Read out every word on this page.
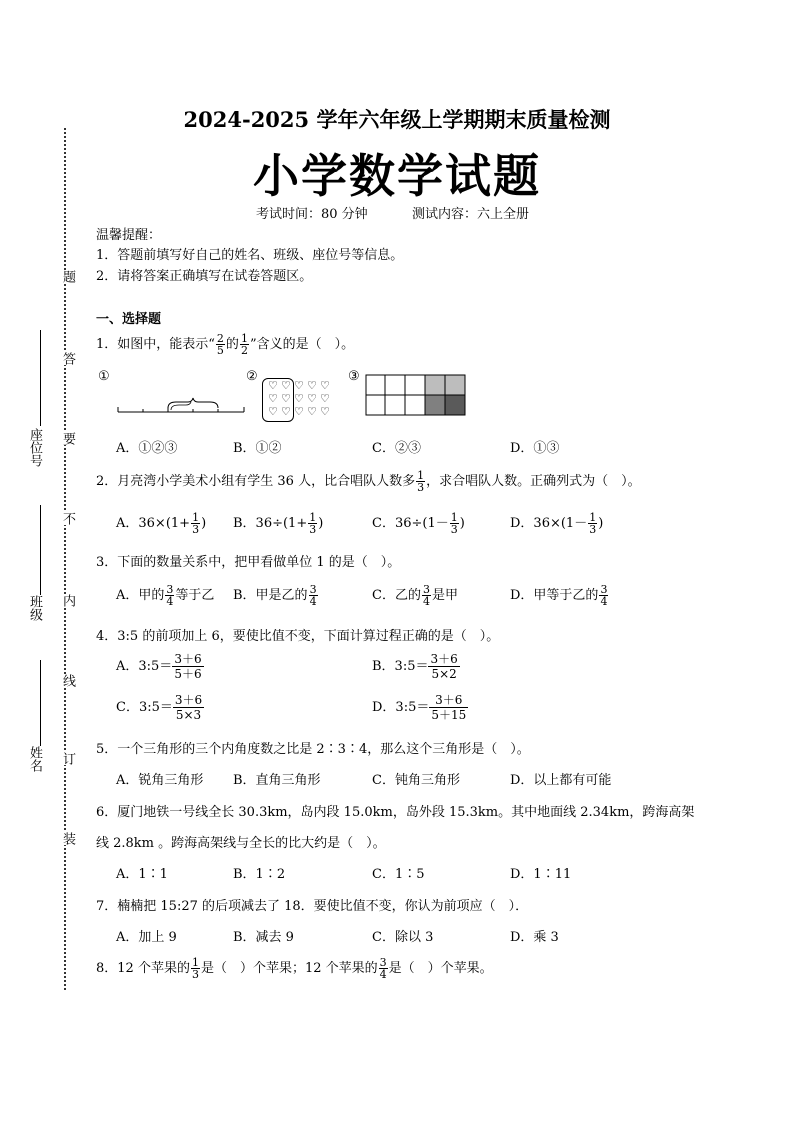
题
答
要
不
内
线
订
装
座位号
班级
姓名
2024-2025 学年六年级上学期期末质量检测
小学数学试题
考试时间：80 分钟	测试内容：六上全册
温馨提醒：
1．答题前填写好自己的姓名、班级、座位号等信息。
2．请将答案正确填写在试卷答题区。
一、选择题
1．如图中，能表示“ $\frac{2}{5}$ 的 $\frac{1}{2}$ ”含义的是（　）。
①	②
♡ ♡ ♡ ♡ ♡
♡ ♡ ♡ ♡ ♡
♡ ♡ ♡ ♡ ♡
③
A．①②③	B．①②	C．②③	D．①③
2．月亮湾小学美术小组有学生 36 人，比合唱队人数多 $\frac{1}{3}$ ，求合唱队人数。正确列式为（　）。
A．$36\times(1+ \frac{1}{3}$ ) B．$36\div(1+ \frac{1}{3}$ )	C．$36\div(1- \frac{1}{3}$ )	D．$36\times(1- \frac{1}{3}$ )
3．下面的数量关系中，把甲看做单位 1 的是（　）。
A．甲的 $\frac{3}{4}$ 等于乙 B．甲是乙的 $\frac{3}{4}$	C．乙的 $\frac{3}{4}$ 是甲	D．甲等于乙的 $\frac{3}{4}$
4．3:5 的前项加上 6，要使比值不变，下面计算过程正确的是（　）。
A．3:5＝ $\frac{3+6}{5+6}$	B．3:5＝ $\frac{3+6}{5\times 2}$
C．3:5＝ $\frac{3+6}{5\times 3}$	D．3:5＝ $\frac{3+6}{5+15}$
5．一个三角形的三个内角度数之比是 2∶3∶4，那么这个三角形是（　）。
A．锐角三角形 B．直角三角形	C．钝角三角形	D．以上都有可能
6．厦门地铁一号线全长 30.3km，岛内段 15.0km，岛外段 15.3km。其中地面线 2.34km，跨海高架
线 2.8km 。跨海高架线与全长的比大约是（　）。
A．1∶1	B．1∶2	C．1∶5	D．1∶11
7．楠楠把 15:27 的后项减去了 18．要使比值不变，你认为前项应（　）．
A．加上 9	B．减去 9	C．除以 3	D．乘 3
8．12 个苹果的 $\frac{1}{3}$ 是（　）个苹果；12 个苹果的 $\frac{3}{4}$ 是（　）个苹果。
